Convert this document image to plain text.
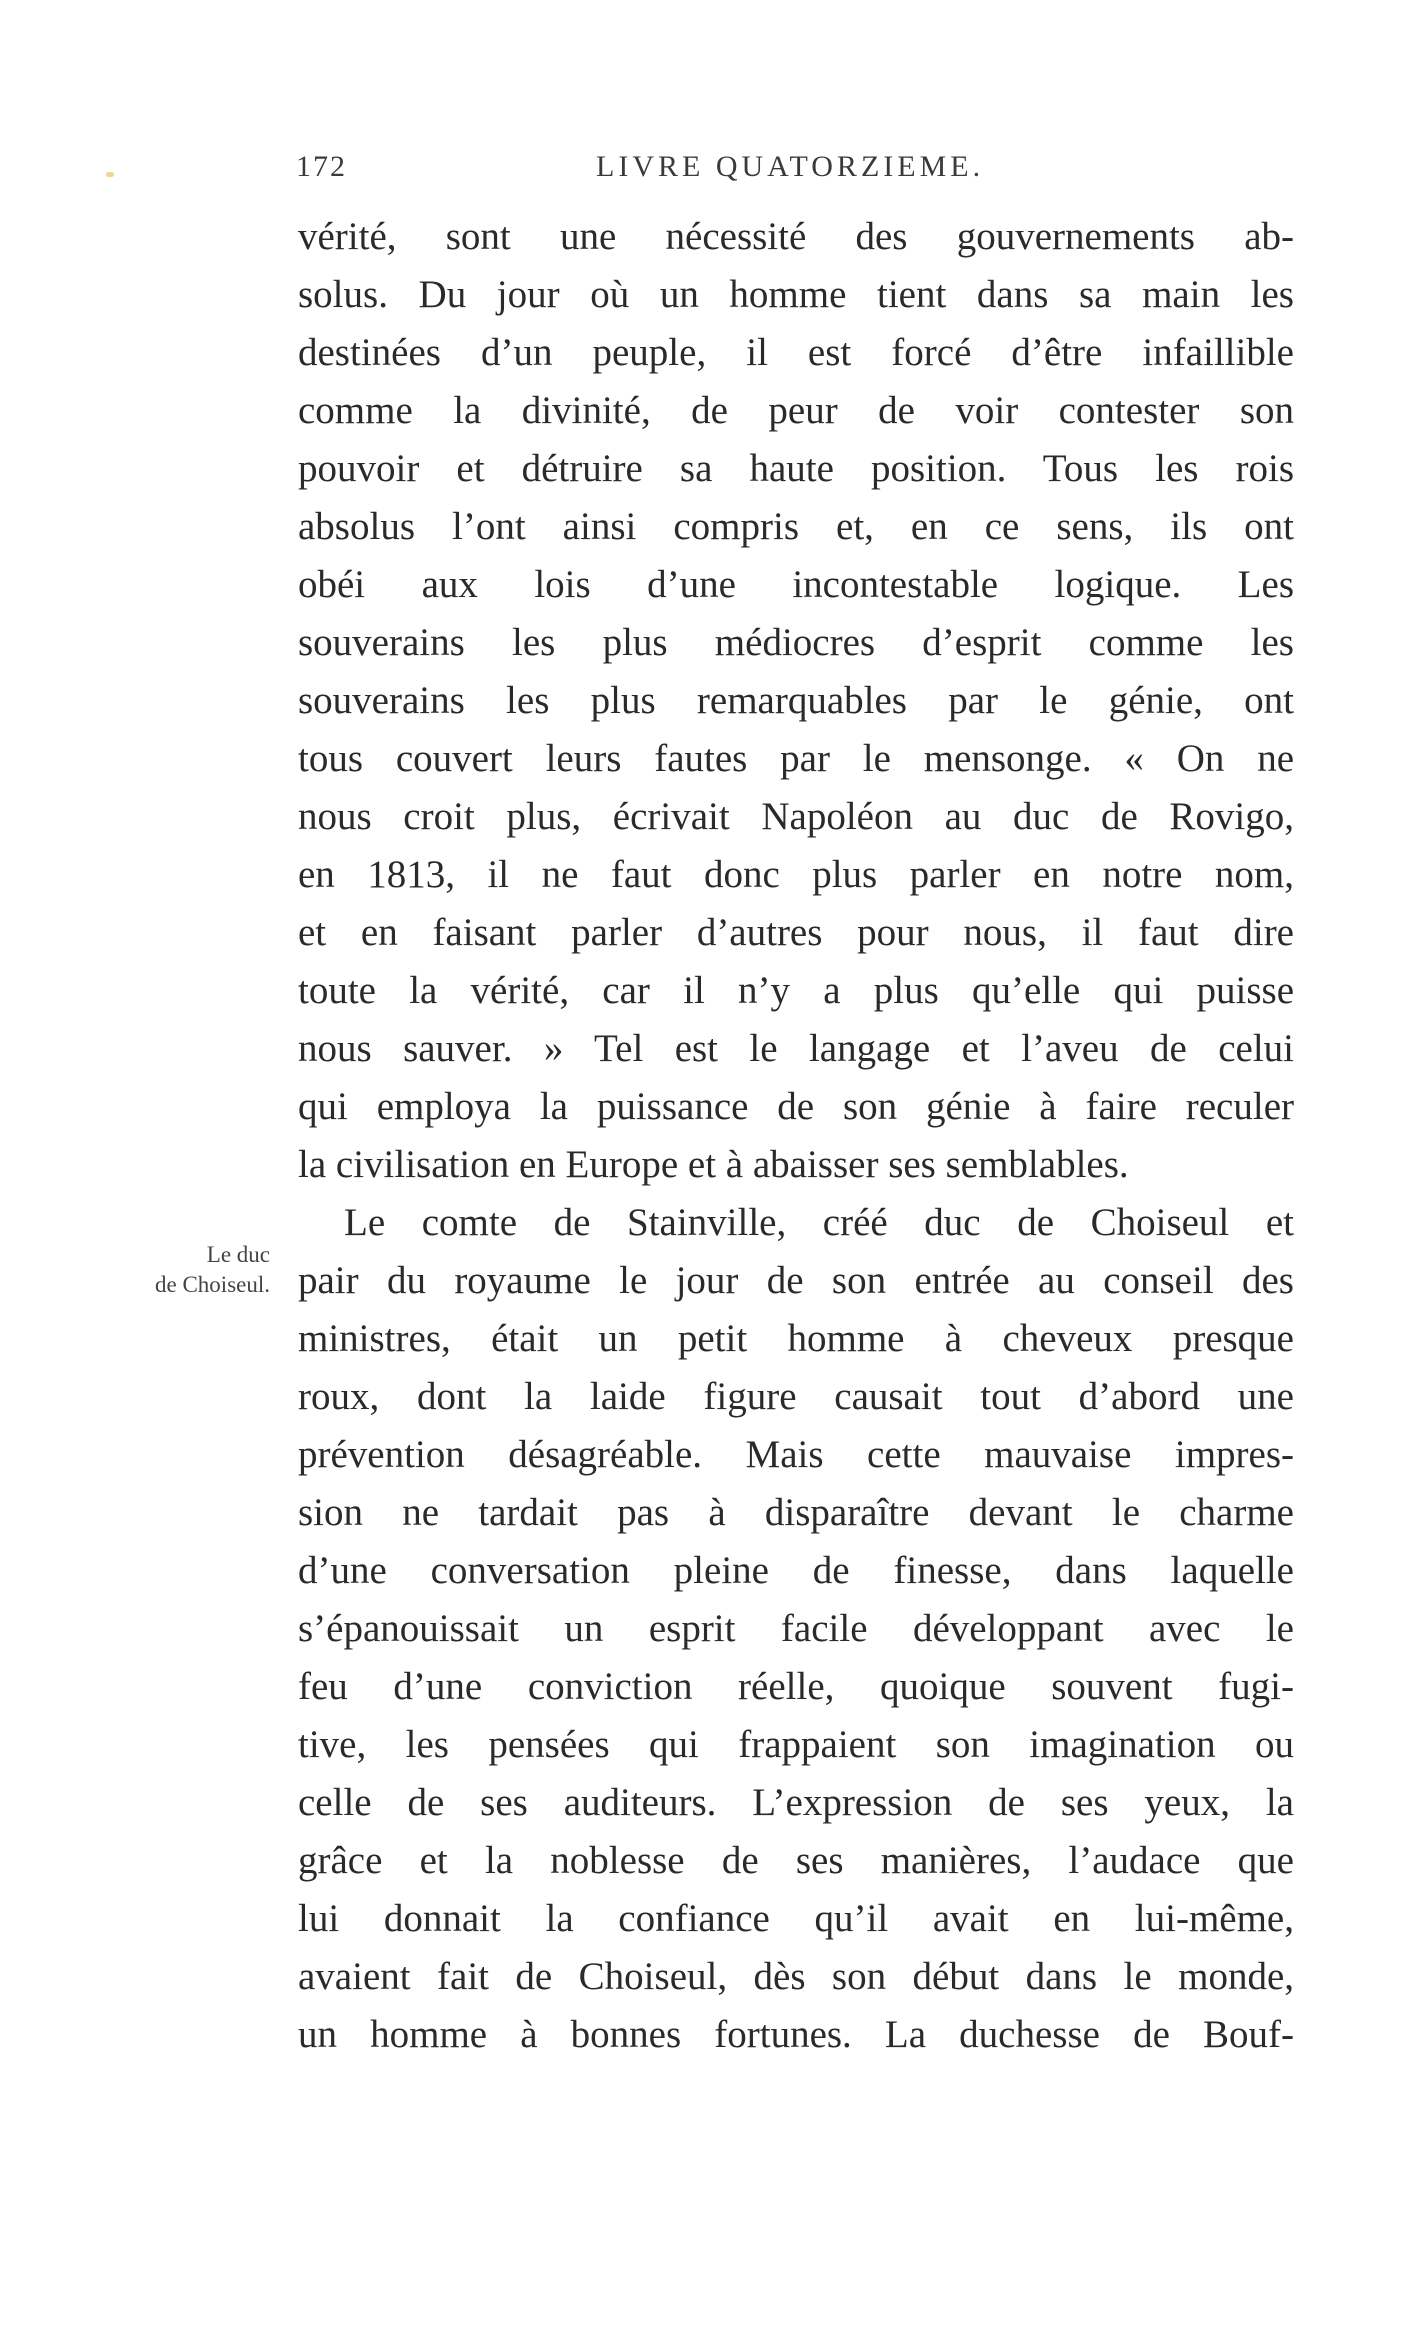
172	LIVRE QUATORZIEME.
Le duc
de Choiseul.
vérité, sont une nécessité des gouvernements ab-
solus. Du jour où un homme tient dans sa main les
destinées d’un peuple, il est forcé d’être infaillible
comme la divinité, de peur de voir contester son
pouvoir et détruire sa haute position. Tous les rois
absolus l’ont ainsi compris et, en ce sens, ils ont
obéi aux lois d’une incontestable logique. Les
souverains les plus médiocres d’esprit comme les
souverains les plus remarquables par le génie, ont
tous couvert leurs fautes par le mensonge. « On ne
nous croit plus, écrivait Napoléon au duc de Rovigo,
en 1813, il ne faut donc plus parler en notre nom,
et en faisant parler d’autres pour nous, il faut dire
toute la vérité, car il n’y a plus qu’elle qui puisse
nous sauver. » Tel est le langage et l’aveu de celui
qui employa la puissance de son génie à faire reculer
la civilisation en Europe et à abaisser ses semblables.
Le comte de Stainville, créé duc de Choiseul et
pair du royaume le jour de son entrée au conseil des
ministres, était un petit homme à cheveux presque
roux, dont la laide figure causait tout d’abord une
prévention désagréable. Mais cette mauvaise impres-
sion ne tardait pas à disparaître devant le charme
d’une conversation pleine de finesse, dans laquelle
s’épanouissait un esprit facile développant avec le
feu d’une conviction réelle, quoique souvent fugi-
tive, les pensées qui frappaient son imagination ou
celle de ses auditeurs. L’expression de ses yeux, la
grâce et la noblesse de ses manières, l’audace que
lui donnait la confiance qu’il avait en lui-même,
avaient fait de Choiseul, dès son début dans le monde,
un homme à bonnes fortunes. La duchesse de Bouf-
